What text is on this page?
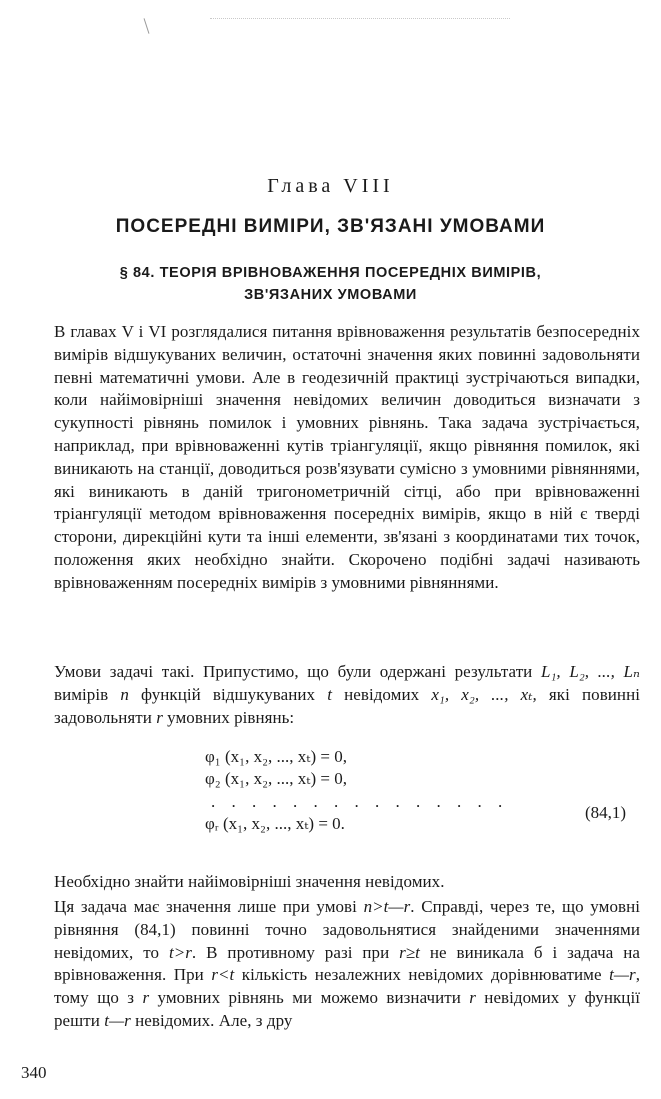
Глава VIII
ПОСЕРЕДНІ ВИМІРИ, ЗВ'ЯЗАНІ УМОВАМИ
§ 84. ТЕОРІЯ ВРІВНОВАЖЕННЯ ПОСЕРЕДНІХ ВИМІРІВ,
ЗВ'ЯЗАНИХ УМОВАМИ
В главах V і VI розглядалися питання врівноваження результатів безпосередніх вимірів відшукуваних величин, остаточні значення яких повинні задовольняти певні математичні умови. Але в геодезичній практиці зустрічаються випадки, коли найімовірніші значення невідомих величин доводиться визначати з сукупності рівнянь помилок і умовних рівнянь. Така задача зустрічається, наприклад, при врівноваженні кутів тріангуляції, якщо рівняння помилок, які виникають на станції, доводиться розв'язувати сумісно з умовними рівняннями, які виникають в даній тригонометричній сітці, або при врівноваженні тріангуляції методом врівноваження посередніх вимірів, якщо в ній є тверді сторони, дирекційні кути та інші елементи, зв'язані з координатами тих точок, положення яких необхідно знайти. Скорочено подібні задачі називають врівноваженням посередніх вимірів з умовними рівняннями.
Умови задачі такі. Припустимо, що були одержані результати L₁, L₂, ..., Lₙ вимірів n функцій відшукуваних t невідомих x₁, x₂, ..., xₜ, які повинні задовольняти r умовних рівнянь:
φ₁ (x₁, x₂, ..., xₜ) = 0,
φ₂ (x₁, x₂, ..., xₜ) = 0,
. . . . . . . . . . . . . . .
φᵣ (x₁, x₂, ..., xₜ) = 0.
(84,1)
Необхідно знайти найімовірніші значення невідомих.
Ця задача має значення лише при умові n>t—r. Справді, через те, що умовні рівняння (84,1) повинні точно задовольнятися знайденими значеннями невідомих, то t>r. В противному разі при r≥t не виникала б і задача на врівноваження. При r<t кількість незалежних невідомих дорівнюватиме t—r, тому що з r умовних рівнянь ми можемо визначити r невідомих у функції решти t—r невідомих. Але, з дру
340
